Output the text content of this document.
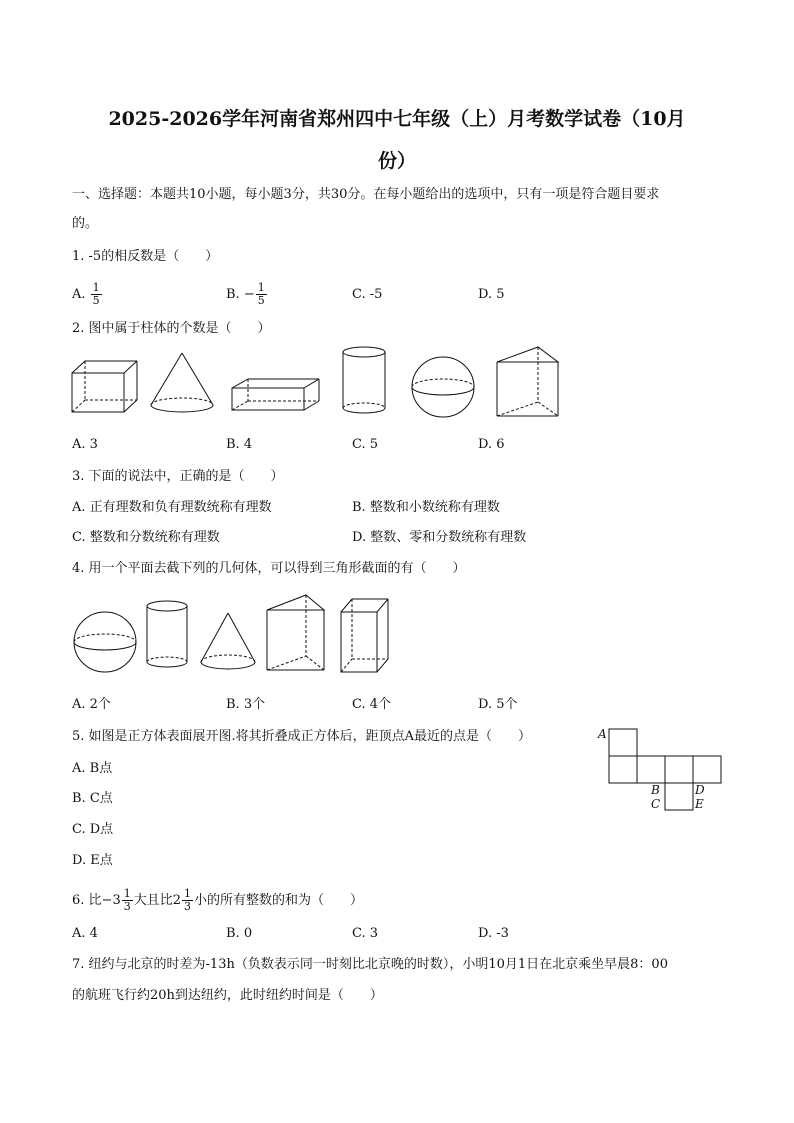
2025-2026学年河南省郑州四中七年级（上）月考数学试卷（10月
份）
一、选择题：本题共10小题，每小题3分，共30分。在每小题给出的选项中，只有一项是符合题目要求
的。
1. -5的相反数是（　　）
A. $\frac{1}{5}$	B. − $\frac{1}{5}$	C. -5	D. 5
2. 图中属于柱体的个数是（　　）
A. 3	B. 4	C. 5	D. 6
3. 下面的说法中，正确的是（　　）
A. 正有理数和负有理数统称有理数	B. 整数和小数统称有理数
C. 整数和分数统称有理数	D. 整数、零和分数统称有理数
4. 用一个平面去截下列的几何体，可以得到三角形截面的有（　　）
A. 2个	B. 3个	C. 4个	D. 5个
5. 如图是正方体表面展开图.将其折叠成正方体后，距顶点A最近的点是（　　）
A. B点
B. C点
C. D点
D. E点
A
B
C
D
E
6. 比$-3 \frac{1}{3}$ 大且比$2 \frac{1}{3}$ 小的所有整数的和为（　　）
A. 4	B. 0	C. 3	D. -3
7. 纽约与北京的时差为-13h（负数表示同一时刻比北京晚的时数），小明10月1日在北京乘坐早晨8：00
的航班飞行约20h到达纽约，此时纽约时间是（　　）
